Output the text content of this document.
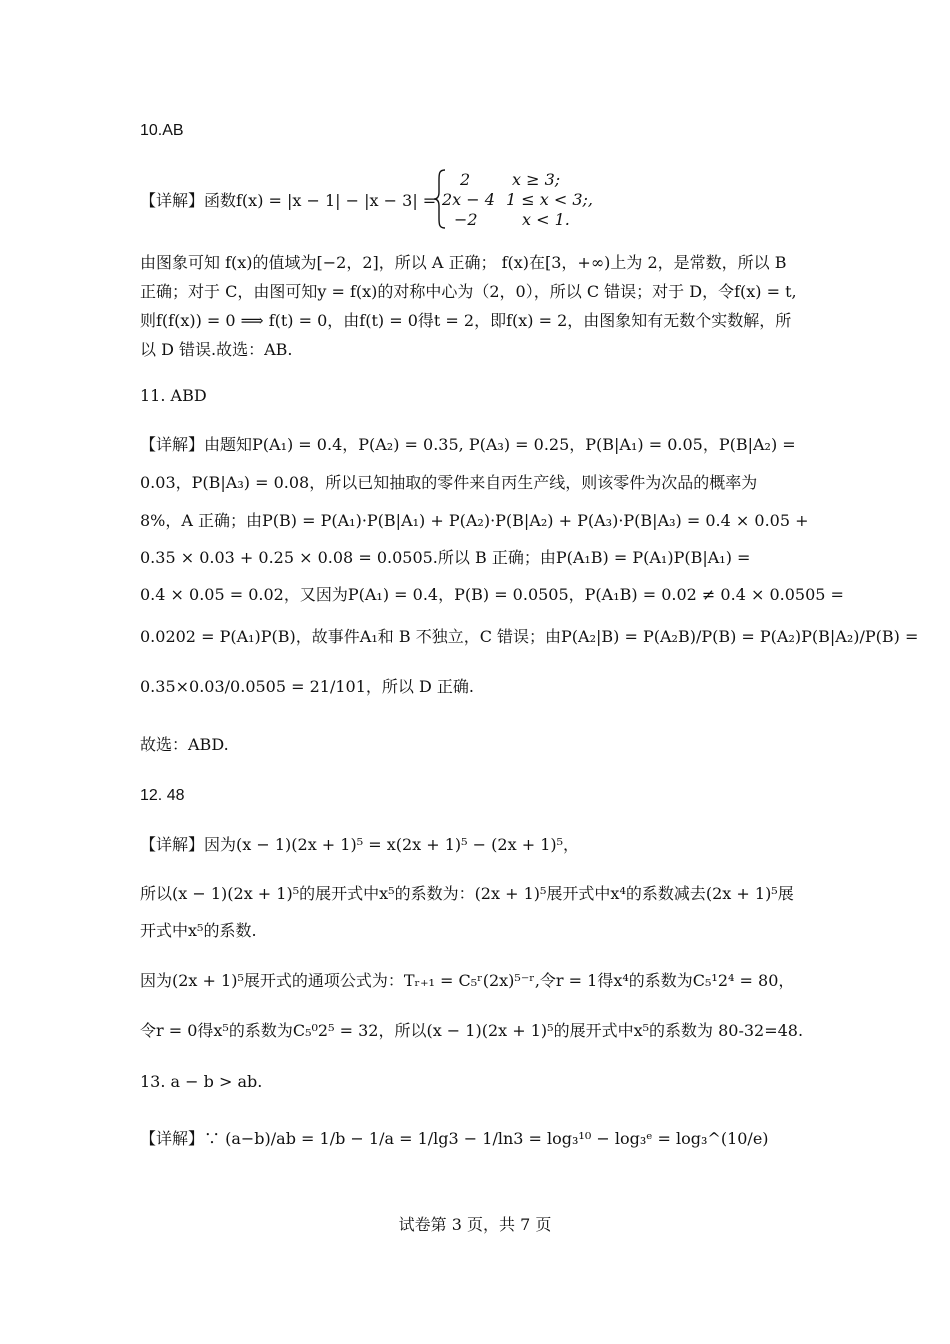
10.AB
【详解】函数f(x) = |x − 1| − |x − 3| =
2	x ≥ 3;
2x − 4 1 ≤ x < 3;,
−2	x < 1.
由图象可知 f(x)的值域为[−2，2]，所以 A 正确； f(x)在[3，+∞)上为 2，是常数，所以 B
正确；对于 C，由图可知y = f(x)的对称中心为（2，0），所以 C 错误；对于 D，令f(x) = t,
则f(f(x)) = 0 ⟹ f(t) = 0，由f(t) = 0得t = 2，即f(x) = 2，由图象知有无数个实数解，所
以 D 错误.故选：AB.
11. ABD
【详解】由题知P(A₁) = 0.4，P(A₂) = 0.35, P(A₃) = 0.25，P(B|A₁) = 0.05，P(B|A₂) =
0.03，P(B|A₃) = 0.08，所以已知抽取的零件来自丙生产线，则该零件为次品的概率为
8%，A 正确；由P(B) = P(A₁)·P(B|A₁) + P(A₂)·P(B|A₂) + P(A₃)·P(B|A₃) = 0.4 × 0.05 +
0.35 × 0.03 + 0.25 × 0.08 = 0.0505.所以 B 正确；由P(A₁B) = P(A₁)P(B|A₁) =
0.4 × 0.05 = 0.02，又因为P(A₁) = 0.4，P(B) = 0.0505，P(A₁B) = 0.02 ≠ 0.4 × 0.0505 =
0.0202 = P(A₁)P(B)，故事件A₁和 B 不独立，C 错误；由P(A₂|B) = P(A₂B)/P(B) = P(A₂)P(B|A₂)/P(B) =
0.35×0.03/0.0505 = 21/101，所以 D 正确.
故选：ABD.
12. 48
【详解】因为(x − 1)(2x + 1)⁵ = x(2x + 1)⁵ − (2x + 1)⁵，
所以(x − 1)(2x + 1)⁵的展开式中x⁵的系数为：(2x + 1)⁵展开式中x⁴的系数减去(2x + 1)⁵展
开式中x⁵的系数.
因为(2x + 1)⁵展开式的通项公式为：Tᵣ₊₁ = C₅ʳ(2x)⁵⁻ʳ,令r = 1得x⁴的系数为C₅¹2⁴ = 80，
令r = 0得x⁵的系数为C₅⁰2⁵ = 32，所以(x − 1)(2x + 1)⁵的展开式中x⁵的系数为 80-32=48.
13. a − b > ab.
【详解】∵ (a−b)/ab = 1/b − 1/a = 1/lg3 − 1/ln3 = log₃¹⁰ − log₃ᵉ = log₃^(10/e)
试卷第 3 页，共 7 页
